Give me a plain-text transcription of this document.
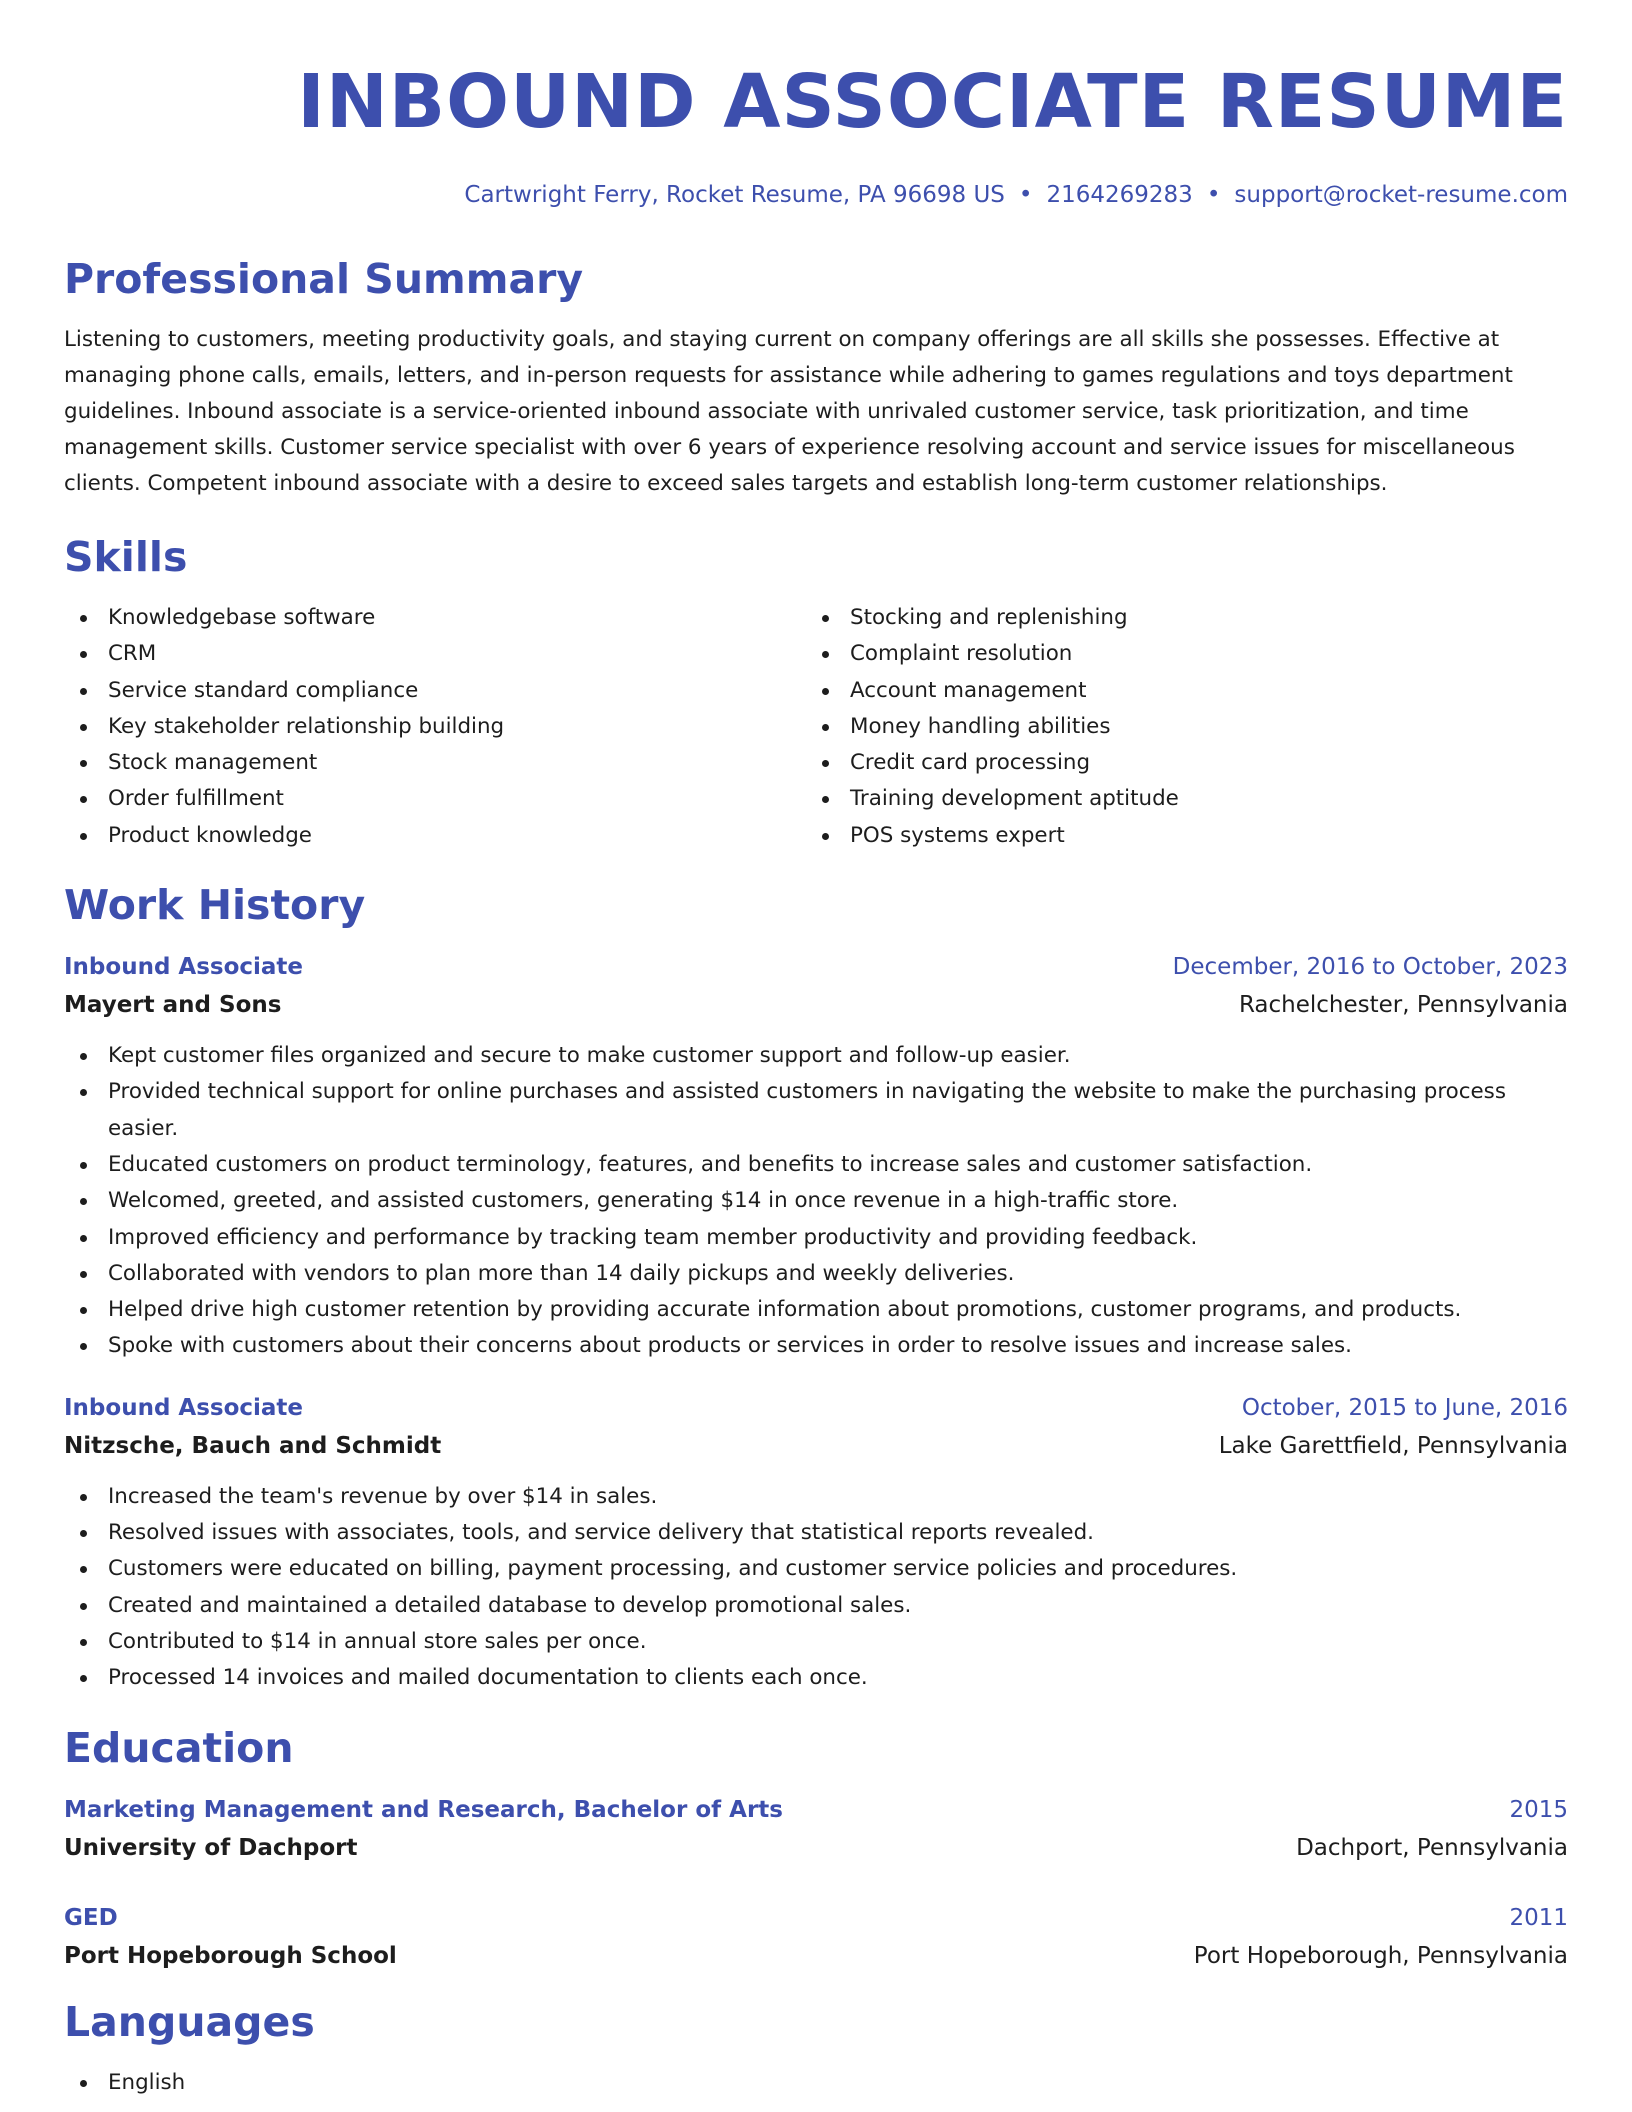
INBOUND ASSOCIATE RESUME
Cartwright Ferry, Rocket Resume, PA 96698 US • 2164269283 • support@rocket-resume.com
Professional Summary

Listening to customers, meeting productivity goals, and staying current on company offerings are all skills she possesses. Effective at managing phone calls, emails, letters, and in-person requests for assistance while adhering to games regulations and toys department guidelines. Inbound associate is a service-oriented inbound associate with unrivaled customer service, task prioritization, and time management skills. Customer service specialist with over 6 years of experience resolving account and service issues for miscellaneous clients. Competent inbound associate with a desire to exceed sales targets and establish long-term customer relationships.

Skills
Knowledgebase software
CRM
Service standard compliance
Key stakeholder relationship building
Stock management
Order fulfillment
Product knowledge
Stocking and replenishing
Complaint resolution
Account management
Money handling abilities
Credit card processing
Training development aptitude
POS systems expert
Work History
Inbound Associate	December, 2016 to October, 2023
Mayert and Sons	Rachelchester, Pennsylvania
Kept customer files organized and secure to make customer support and follow-up easier.
Provided technical support for online purchases and assisted customers in navigating the website to make the purchasing process easier.
Educated customers on product terminology, features, and benefits to increase sales and customer satisfaction.
Welcomed, greeted, and assisted customers, generating $14 in once revenue in a high-traffic store.
Improved efficiency and performance by tracking team member productivity and providing feedback.
Collaborated with vendors to plan more than 14 daily pickups and weekly deliveries.
Helped drive high customer retention by providing accurate information about promotions, customer programs, and products.
Spoke with customers about their concerns about products or services in order to resolve issues and increase sales.
Inbound Associate	October, 2015 to June, 2016
Nitzsche, Bauch and Schmidt	Lake Garettfield, Pennsylvania
Increased the team's revenue by over $14 in sales.
Resolved issues with associates, tools, and service delivery that statistical reports revealed.
Customers were educated on billing, payment processing, and customer service policies and procedures.
Created and maintained a detailed database to develop promotional sales.
Contributed to $14 in annual store sales per once.
Processed 14 invoices and mailed documentation to clients each once.
Education
Marketing Management and Research, Bachelor of Arts	2015
University of Dachport	Dachport, Pennsylvania
GED	2011
Port Hopeborough School	Port Hopeborough, Pennsylvania
Languages
English
